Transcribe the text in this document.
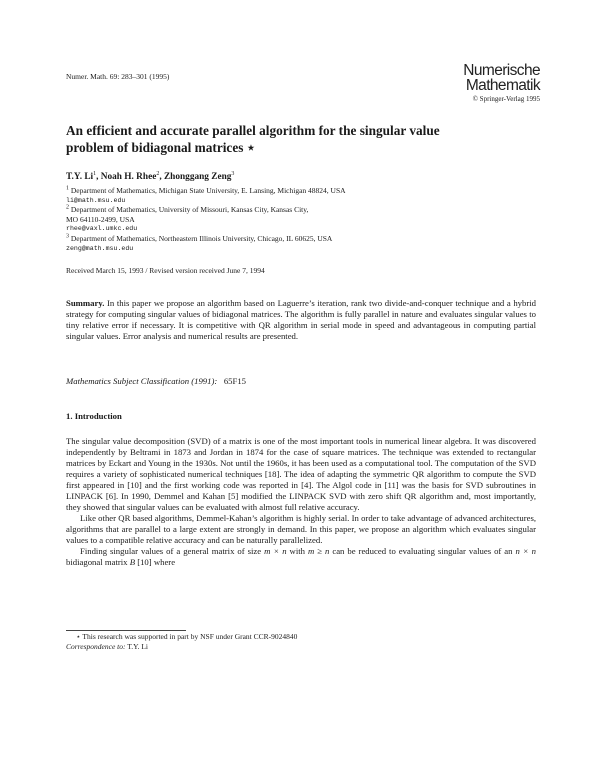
Numer. Math. 69: 283–301 (1995)	Numerische
Mathematik
© Springer-Verlag 1995
An efficient and accurate parallel algorithm for the singular value problem of bidiagonal matrices ⋆
T.Y. Li$^1$, Noah H. Rhee$^2$, Zhonggang Zeng$^3$
$^1$ Department of Mathematics, Michigan State University, E. Lansing, Michigan 48824, USA
li@math.msu.edu
$^2$ Department of Mathematics, University of Missouri, Kansas City, Kansas City,
MO 64110-2499, USA
rhee@vaxl.umkc.edu
$^3$ Department of Mathematics, Northeastern Illinois University, Chicago, IL 60625, USA
zeng@math.msu.edu
Received March 15, 1993 / Revised version received June 7, 1994
Summary. In this paper we propose an algorithm based on Laguerre’s iteration, rank two divide-and-conquer technique and a hybrid strategy for computing singular values of bidiagonal matrices. The algorithm is fully parallel in nature and evaluates singular values to tiny relative error if necessary. It is competitive with QR algorithm in serial mode in speed and advantageous in computing partial singular values. Error analysis and numerical results are presented.
Mathematics Subject Classification (1991): 65F15
1. Introduction

The singular value decomposition (SVD) of a matrix is one of the most important tools in numerical linear algebra. It was discovered independently by Beltrami in 1873 and Jordan in 1874 for the case of square matrices. The technique was extended to rectangular matrices by Eckart and Young in the 1930s. Not until the 1960s, it has been used as a computational tool. The computation of the SVD requires a variety of sophisticated numerical techniques [18]. The idea of adapting the symmetric QR algorithm to compute the SVD first appeared in [10] and the first working code was reported in [4]. The Algol code in [11] was the basis for SVD subroutines in LINPACK [6]. In 1990, Demmel and Kahan [5] modified the LINPACK SVD with zero shift QR algorithm and, most importantly, they showed that singular values can be evaluated with almost full relative accuracy.

Like other QR based algorithms, Demmel-Kahan’s algorithm is highly serial. In order to take advantage of advanced architectures, algorithms that are parallel to a large extent are strongly in demand. In this paper, we propose an algorithm which evaluates singular values to a compatible relative accuracy and can be naturally parallelized.

Finding singular values of a general matrix of size m × n with m ≥ n can be reduced to evaluating singular values of an n × n bidiagonal matrix B [10] where

⋆ This research was supported in part by NSF under Grant CCR-9024840
Correspondence to: T.Y. Li
